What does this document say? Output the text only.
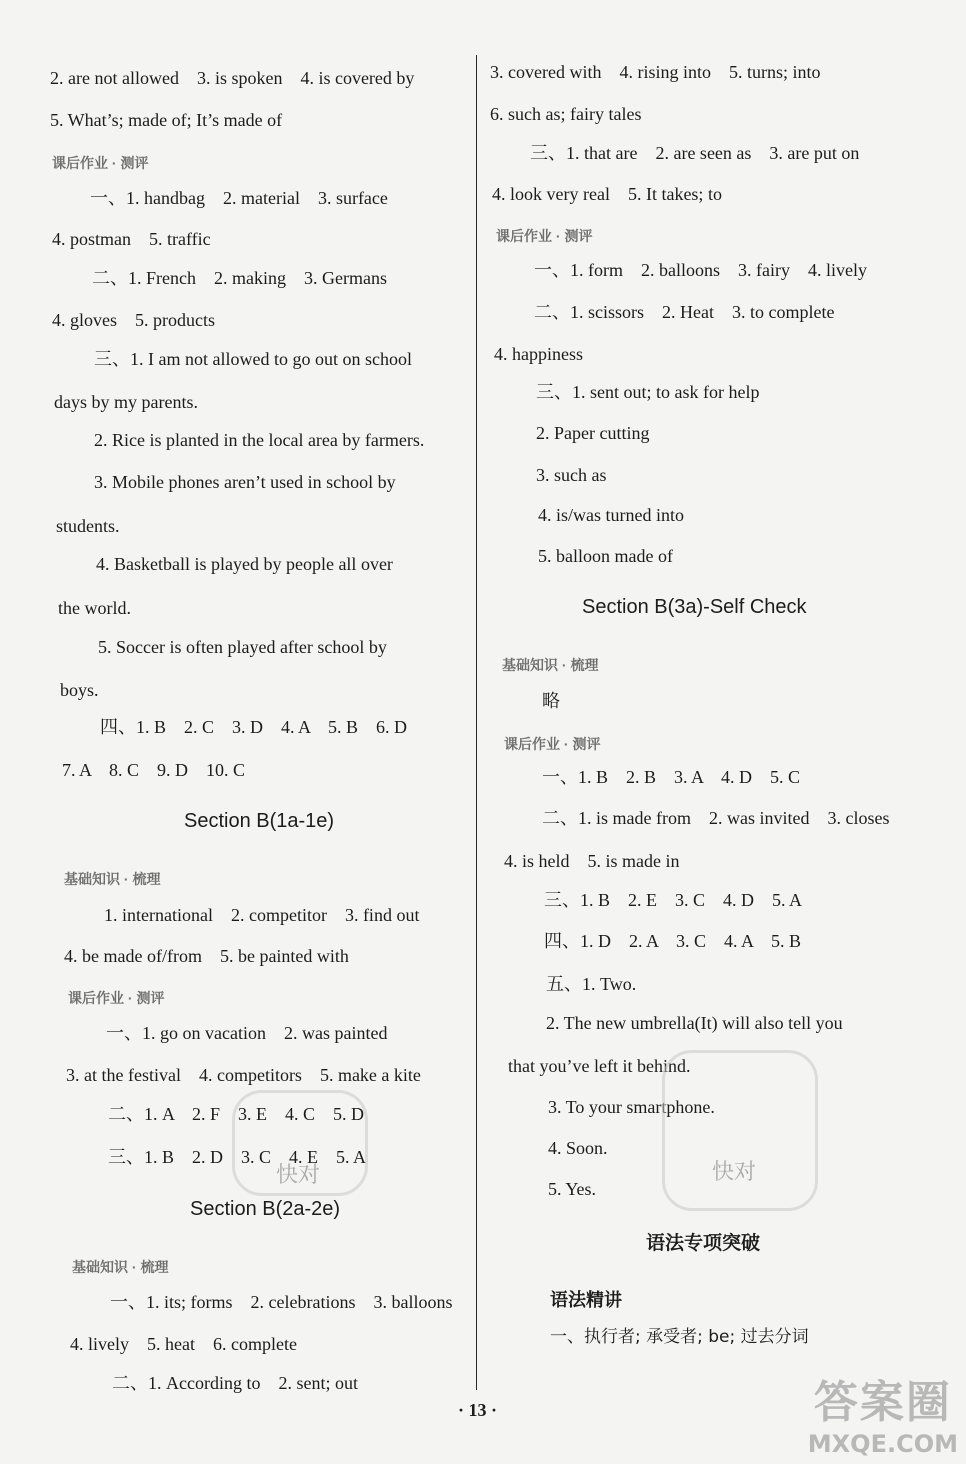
2. are not allowed　3. is spoken　4. is covered by
5. What’s; made of; It’s made of
课后作业 · 测评
一、1. handbag　2. material　3. surface
4. postman　5. traffic
二、1. French　2. making　3. Germans
4. gloves　5. products
三、1. I am not allowed to go out on school
days by my parents.
2. Rice is planted in the local area by farmers.
3. Mobile phones aren’t used in school by
students.
4. Basketball is played by people all over
the world.
5. Soccer is often played after school by
boys.
四、1. B　2. C　3. D　4. A　5. B　6. D
7. A　8. C　9. D　10. C
Section B(1a-1e)
基础知识 · 梳理
1. international　2. competitor　3. find out
4. be made of/from　5. be painted with
课后作业 · 测评
一、1. go on vacation　2. was painted
3. at the festival　4. competitors　5. make a kite
二、1. A　2. F　3. E　4. C　5. D
三、1. B　2. D　3. C　4. E　5. A
Section B(2a-2e)
基础知识 · 梳理
一、1. its; forms　2. celebrations　3. balloons
4. lively　5. heat　6. complete
二、1. According to　2. sent; out
3. covered with　4. rising into　5. turns; into
6. such as; fairy tales
三、1. that are　2. are seen as　3. are put on
4. look very real　5. It takes; to
课后作业 · 测评
一、1. form　2. balloons　3. fairy　4. lively
二、1. scissors　2. Heat　3. to complete
4. happiness
三、1. sent out; to ask for help
2. Paper cutting
3. such as
4. is/was turned into
5. balloon made of
Section B(3a)-Self Check
基础知识 · 梳理
略
课后作业 · 测评
一、1. B　2. B　3. A　4. D　5. C
二、1. is made from　2. was invited　3. closes
4. is held　5. is made in
三、1. B　2. E　3. C　4. D　5. A
四、1. D　2. A　3. C　4. A　5. B
五、1. Two.
2. The new umbrella(It) will also tell you
that you’ve left it behind.
3. To your smartphone.
4. Soon.
5. Yes.
语法专项突破
语法精讲
一、执行者; 承受者; be; 过去分词
快对	快对
· 13 ·	答案圈
MXQE.COM
